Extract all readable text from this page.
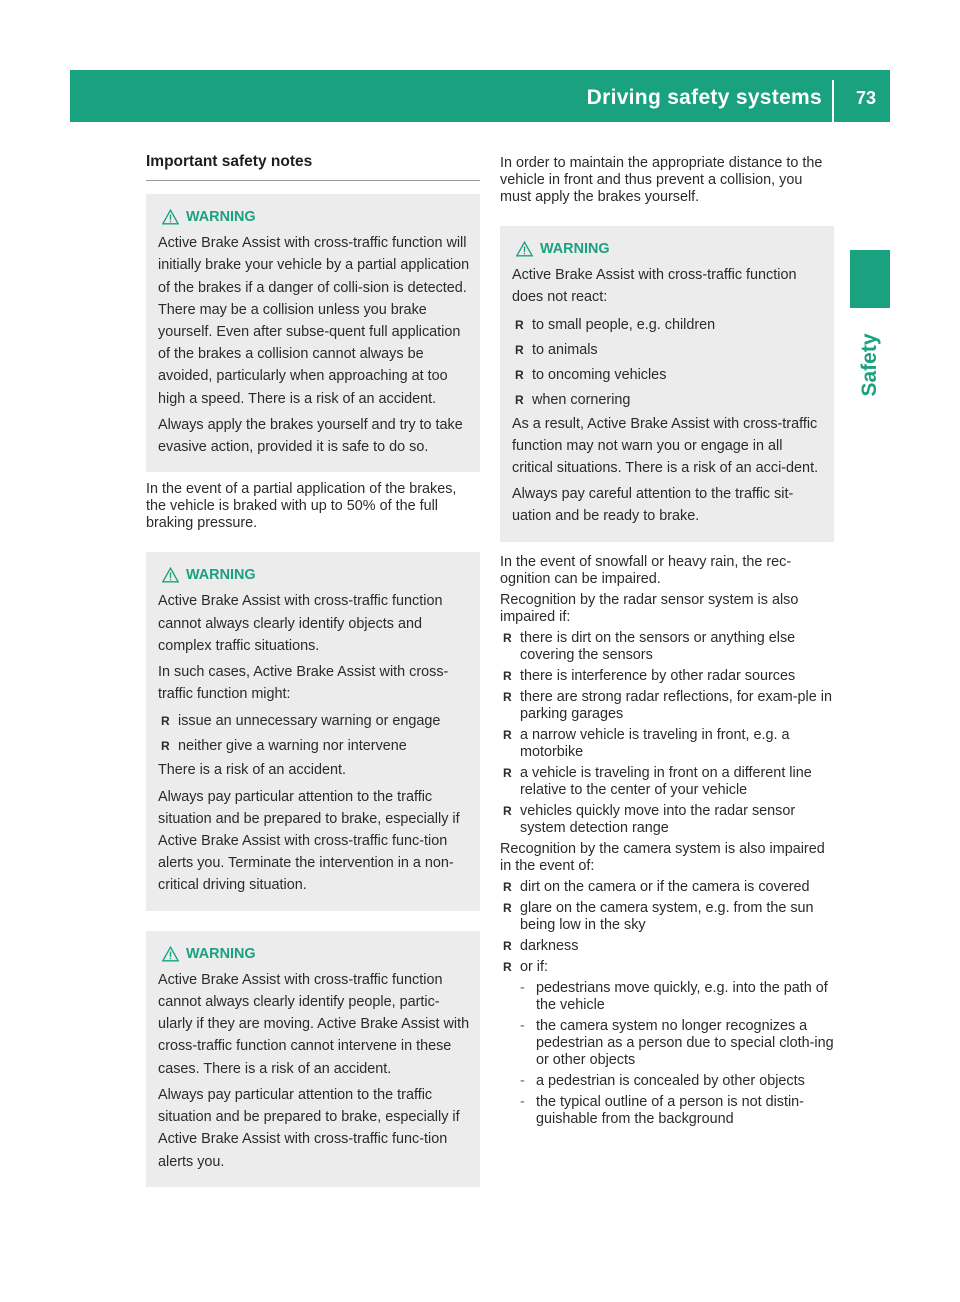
Driving safety systems 73
Safety
Important safety notes
WARNING

Active Brake Assist with cross-traffic function will initially brake your vehicle by a partial application of the brakes if a danger of colli-sion is detected. There may be a collision unless you brake yourself. Even after subse-quent full application of the brakes a collision cannot always be avoided, particularly when approaching at too high a speed. There is a risk of an accident.

Always apply the brakes yourself and try to take evasive action, provided it is safe to do so.

In the event of a partial application of the brakes, the vehicle is braked with up to 50% of the full braking pressure.

WARNING

Active Brake Assist with cross-traffic function cannot always clearly identify objects and complex traffic situations.

In such cases, Active Brake Assist with cross-traffic function might:

R issue an unnecessary warning or engage
R neither give a warning nor intervene

There is a risk of an accident.

Always pay particular attention to the traffic situation and be prepared to brake, especially if Active Brake Assist with cross-traffic func-tion alerts you. Terminate the intervention in a non-critical driving situation.

WARNING

Active Brake Assist with cross-traffic function cannot always clearly identify people, partic-ularly if they are moving. Active Brake Assist with cross-traffic function cannot intervene in these cases. There is a risk of an accident.

Always pay particular attention to the traffic situation and be prepared to brake, especially if Active Brake Assist with cross-traffic func-tion alerts you.

In order to maintain the appropriate distance to the vehicle in front and thus prevent a collision, you must apply the brakes yourself.

WARNING

Active Brake Assist with cross-traffic function does not react:

R to small people, e.g. children
R to animals
R to oncoming vehicles
R when cornering

As a result, Active Brake Assist with cross-traffic function may not warn you or engage in all critical situations. There is a risk of an acci-dent.

Always pay careful attention to the traffic sit-uation and be ready to brake.

In the event of snowfall or heavy rain, the rec-ognition can be impaired.

Recognition by the radar sensor system is also impaired if:

R there is dirt on the sensors or anything else covering the sensors
R there is interference by other radar sources
R there are strong radar reflections, for exam-ple in parking garages
R a narrow vehicle is traveling in front, e.g. a motorbike
R a vehicle is traveling in front on a different line relative to the center of your vehicle
R vehicles quickly move into the radar sensor system detection range

Recognition by the camera system is also impaired in the event of:

R dirt on the camera or if the camera is covered
R glare on the camera system, e.g. from the sun being low in the sky
R darkness
R or if:
- pedestrians move quickly, e.g. into the path of the vehicle
- the camera system no longer recognizes a pedestrian as a person due to special cloth-ing or other objects
- a pedestrian is concealed by other objects
- the typical outline of a person is not distin-guishable from the background
